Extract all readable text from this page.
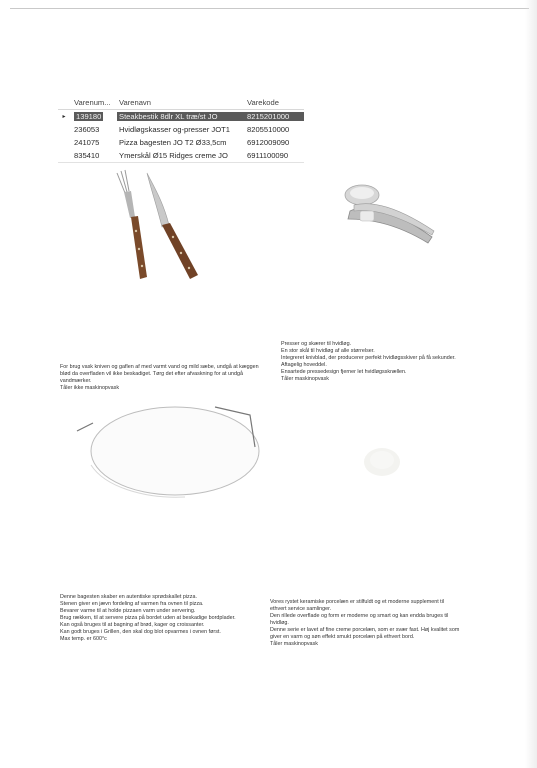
Varenum...	Varenavn	Varekode
▸	139180	Steakbestik 8dlr XL træ/st JO	8215201000
236053	Hvidløgskasser og-presser JOT1	8205510000
241075	Pizza bagesten JO T2 Ø33,5cm	6912009090
835410	Ymerskål Ø15 Ridges creme JO	6911100090
For brug vask kniven og gaflen af med varmt vand og mild sæbe, undgå at kæggen
blød da overfladen vil ikke beskadiget. Tørg det efter afvaskning for at undgå
vandmærker.
Tåler ikke maskinopvask
Presser og skærer til hvidløg.
En stor skål til hvidløg af alle størrelser.
Integreret knivblad, der producerer perfekt hvidløgsskiver på få sekunder.
Aftagelig hoveddel.
Ensartede pressedesign fjerner let hvidløgsskrællen.
Tåler maskinopvask
Denne bagesten skaber en autentiske sprødskallet pizza.
Stenen giver en jævn fordeling af varmen fra ovnen til pizza.
Bevarer varme til at holde pizzaen varm under servering.
Brug rækken, til at servere pizza på bordet uden at beskadige bordplader.
Kan også bruges til at bagning af brød, kager og croissanter.
Kan godt bruges i Grillen, den skal dog blot opvarmes i ovnen først.
Max temp. er 600°c
Vores rystet keramiske porcelæn er stilfuldt og et moderne supplement til
ethvert service samlinger.
Den rillede overflade og form er moderne og smart og kan endda bruges til
hvidløg.
Denne serie er lavet af fine creme porcelæn, som er svær fast. Høj kvalitet som
giver en varm og søn effekt smukt porcelæn på ethvert bord.
Tåler maskinopvask
